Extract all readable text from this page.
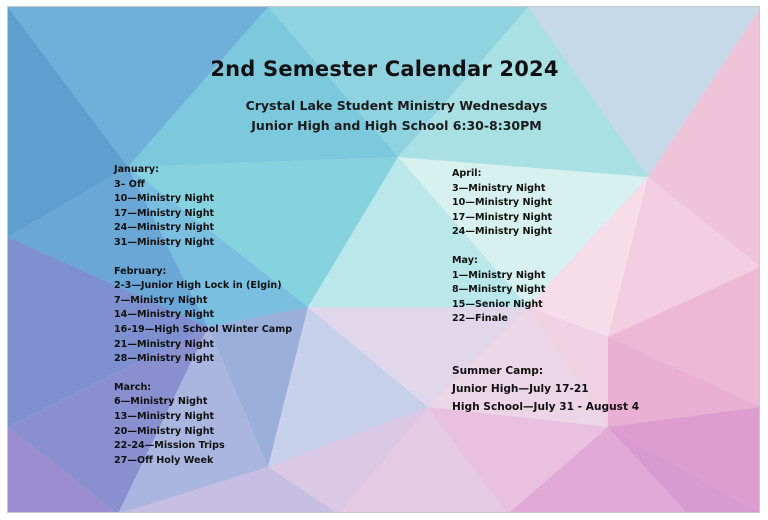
2nd Semester Calendar 2024
Crystal Lake Student Ministry Wednesdays
Junior High and High School 6:30-8:30PM
January:
3– Off
10—Ministry Night
17—Ministry Night
24—Ministry Night
31—Ministry Night
February:
2-3—Junior High Lock in (Elgin)
7—Ministry Night
14—Ministry Night
16-19—High School Winter Camp
21—Ministry Night
28—Ministry Night
March:
6—Ministry Night
13—Ministry Night
20—Ministry Night
22-24—Mission Trips
27—Off Holy Week
April:
3—Ministry Night
10—Ministry Night
17—Ministry Night
24—Ministry Night
May:
1—Ministry Night
8—Ministry Night
15—Senior Night
22—Finale
Summer Camp:
Junior High—July 17-21
High School—July 31 - August 4
